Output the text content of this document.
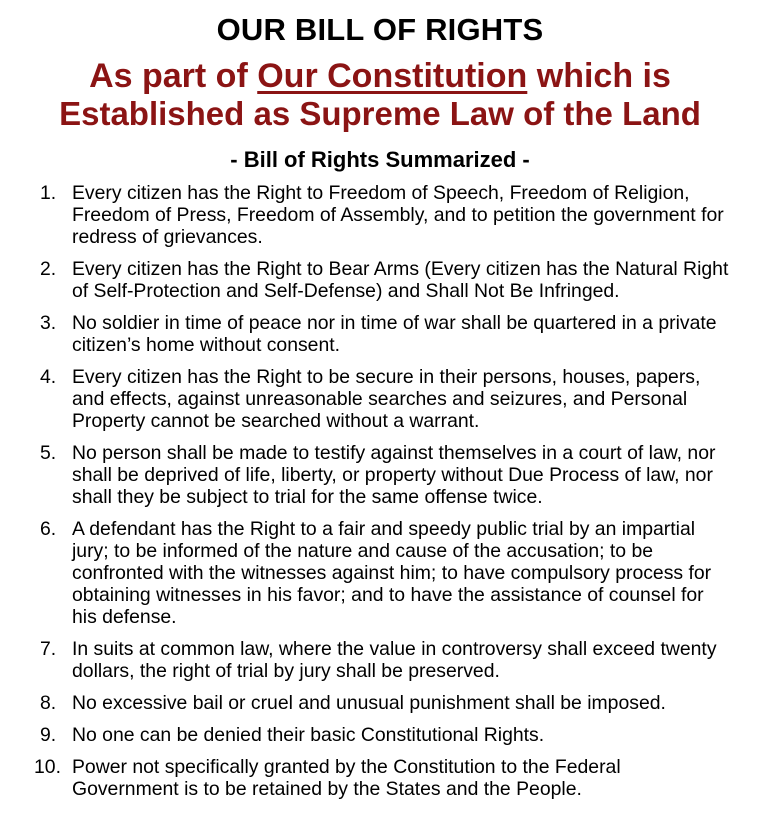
OUR BILL OF RIGHTS
As part of Our Constitution which is
Established as Supreme Law of the Land
- Bill of Rights Summarized -
1. Every citizen has the Right to Freedom of Speech, Freedom of Religion, Freedom of Press, Freedom of Assembly, and to petition the government for redress of grievances.
2. Every citizen has the Right to Bear Arms (Every citizen has the Natural Right of Self-Protection and Self-Defense) and Shall Not Be Infringed.
3. No soldier in time of peace nor in time of war shall be quartered in a private citizen’s home without consent.
4. Every citizen has the Right to be secure in their persons, houses, papers, and effects, against unreasonable searches and seizures, and Personal Property cannot be searched without a warrant.
5. No person shall be made to testify against themselves in a court of law, nor shall be deprived of life, liberty, or property without Due Process of law, nor shall they be subject to trial for the same offense twice.
6. A defendant has the Right to a fair and speedy public trial by an impartial jury; to be informed of the nature and cause of the accusation; to be confronted with the witnesses against him; to have compulsory process for obtaining witnesses in his favor; and to have the assistance of counsel for his defense.
7. In suits at common law, where the value in controversy shall exceed twenty dollars, the right of trial by jury shall be preserved.
8. No excessive bail or cruel and unusual punishment shall be imposed.
9. No one can be denied their basic Constitutional Rights.
10. Power not specifically granted by the Constitution to the Federal Government is to be retained by the States and the People.
